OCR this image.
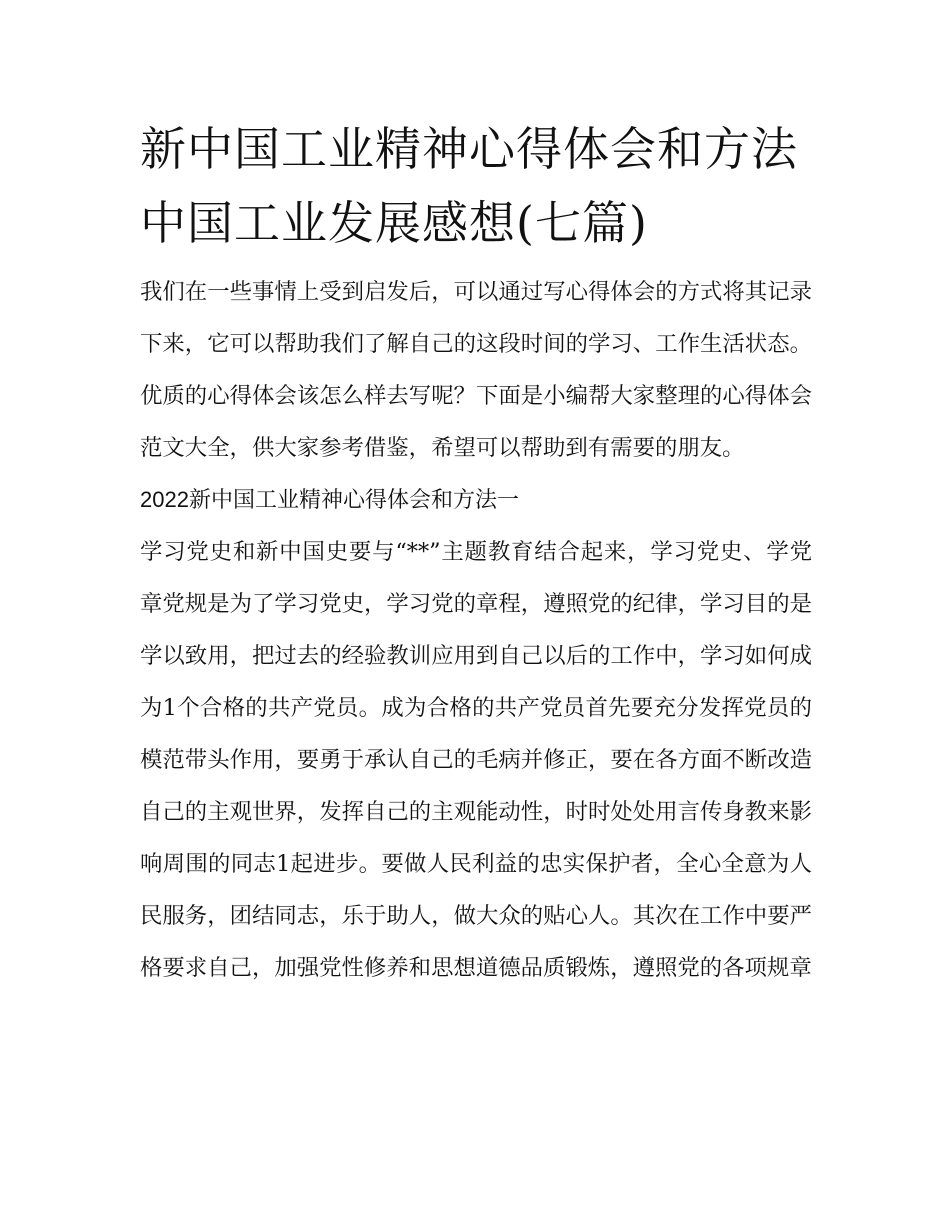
新中国工业精神心得体会和方法 中国工业发展感想(七篇)

我们在一些事情上受到启发后，可以通过写心得体会的方式将其记录下来，它可以帮助我们了解自己的这段时间的学习、工作生活状态。优质的心得体会该怎么样去写呢？下面是小编帮大家整理的心得体会范文大全，供大家参考借鉴，希望可以帮助到有需要的朋友。

2022新中国工业精神心得体会和方法一

学习党史和新中国史要与“**”主题教育结合起来，学习党史、学党章党规是为了学习党史，学习党的章程，遵照党的纪律，学习目的是学以致用，把过去的经验教训应用到自己以后的工作中，学习如何成为1个合格的共产党员。成为合格的共产党员首先要充分发挥党员的模范带头作用，要勇于承认自己的毛病并修正，要在各方面不断改造自己的主观世界，发挥自己的主观能动性，时时处处用言传身教来影响周围的同志1起进步。要做人民利益的忠实保护者，全心全意为人民服务，团结同志，乐于助人，做大众的贴心人。其次在工作中要严格要求自己，加强党性修养和思想道德品质锻炼，遵照党的各项规章
